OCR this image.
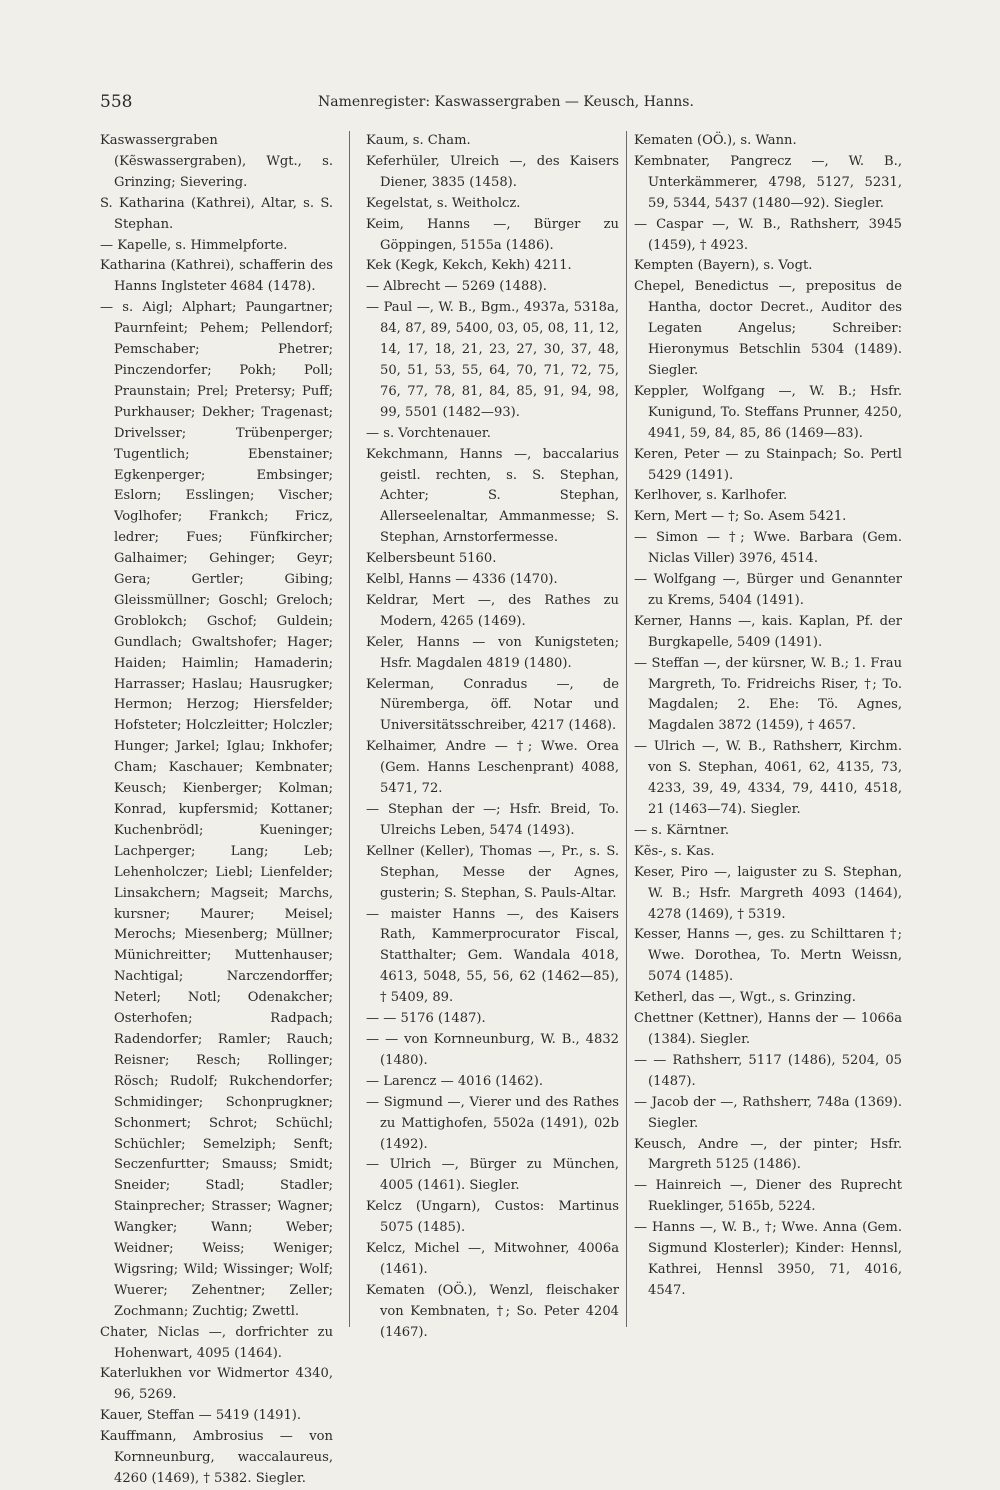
558	Namenregister: Kaswassergraben — Keusch, Hanns.

Kaswassergraben (Kẽswassergraben), Wgt., s. Grinzing; Sievering.

S. Katharina (Kathrei), Altar, s. S. Stephan.

— Kapelle, s. Himmelpforte.

Katharina (Kathrei), schafferin des Hanns Inglsteter 4684 (1478).

— s. Aigl; Alphart; Paungartner; Paurnfeint; Pehem; Pellendorf; Pemschaber; Phetrer; Pinczendorfer; Pokh; Poll; Praunstain; Prel; Pretersy; Puff; Purkhauser; Dekher; Tragenast; Drivelsser; Trübenperger; Tugentlich; Ebenstainer; Egkenperger; Embsinger; Eslorn; Esslingen; Vischer; Voglhofer; Frankch; Fricz, ledrer; Fues; Fünfkircher; Galhaimer; Gehinger; Geyr; Gera; Gertler; Gibing; Gleissmüllner; Goschl; Greloch; Groblokch; Gschof; Guldein; Gundlach; Gwaltshofer; Hager; Haiden; Haimlin; Hamaderin; Harrasser; Haslau; Hausrugker; Hermon; Herzog; Hiersfelder; Hofsteter; Holczleitter; Holczler; Hunger; Jarkel; Iglau; Inkhofer; Cham; Kaschauer; Kembnater; Keusch; Kienberger; Kolman; Konrad, kupfersmid; Kottaner; Kuchenbrödl; Kueninger; Lachperger; Lang; Leb; Lehenholczer; Liebl; Lienfelder; Linsakchern; Magseit; Marchs, kursner; Maurer; Meisel; Merochs; Miesenberg; Müllner; Münichreitter; Muttenhauser; Nachtigal; Narczendorffer; Neterl; Notl; Odenakcher; Osterhofen; Radpach; Radendorfer; Ramler; Rauch; Reisner; Resch; Rollinger; Rösch; Rudolf; Rukchendorfer; Schmidinger; Schonprugkner; Schonmert; Schrot; Schüchl; Schüchler; Semelziph; Senft; Seczenfurtter; Smauss; Smidt; Sneider; Stadl; Stadler; Stainprecher; Strasser; Wagner; Wangker; Wann; Weber; Weidner; Weiss; Weniger; Wigsring; Wild; Wissinger; Wolf; Wuerer; Zehentner; Zeller; Zochmann; Zuchtig; Zwettl.

Chater, Niclas —, dorfrichter zu Hohenwart, 4095 (1464).

Katerlukhen vor Widmertor 4340, 96, 5269.

Kauer, Steffan — 5419 (1491).

Kauffmann, Ambrosius — von Kornneunburg, waccalaureus, 4260 (1469), † 5382. Siegler.

Kaum, s. Cham.

Keferhüler, Ulreich —, des Kaisers Diener, 3835 (1458).

Kegelstat, s. Weitholcz.

Keim, Hanns —, Bürger zu Göppingen, 5155a (1486).

Kek (Kegk, Kekch, Kekh) 4211.

— Albrecht — 5269 (1488).

— Paul —, W. B., Bgm., 4937a, 5318a, 84, 87, 89, 5400, 03, 05, 08, 11, 12, 14, 17, 18, 21, 23, 27, 30, 37, 48, 50, 51, 53, 55, 64, 70, 71, 72, 75, 76, 77, 78, 81, 84, 85, 91, 94, 98, 99, 5501 (1482—93).

— s. Vorchtenauer.

Kekchmann, Hanns —, baccalarius geistl. rechten, s. S. Stephan, Achter; S. Stephan, Allerseelenaltar, Ammanmesse; S. Stephan, Arnstorfermesse.

Kelbersbeunt 5160.

Kelbl, Hanns — 4336 (1470).

Keldrar, Mert —, des Rathes zu Modern, 4265 (1469).

Keler, Hanns — von Kunigsteten; Hsfr. Magdalen 4819 (1480).

Kelerman, Conradus —, de Nüremberga, öff. Notar und Universitätsschreiber, 4217 (1468).

Kelhaimer, Andre — †; Wwe. Orea (Gem. Hanns Leschenprant) 4088, 5471, 72.

— Stephan der —; Hsfr. Breid, To. Ulreichs Leben, 5474 (1493).

Kellner (Keller), Thomas —, Pr., s. S. Stephan, Messe der Agnes, gusterin; S. Stephan, S. Pauls-Altar.

— maister Hanns —, des Kaisers Rath, Kammerprocurator Fiscal, Statthalter; Gem. Wandala 4018, 4613, 5048, 55, 56, 62 (1462—85), † 5409, 89.

— — 5176 (1487).

— — von Kornneunburg, W. B., 4832 (1480).

— Larencz — 4016 (1462).

— Sigmund —, Vierer und des Rathes zu Mattighofen, 5502a (1491), 02b (1492).

— Ulrich —, Bürger zu München, 4005 (1461). Siegler.

Kelcz (Ungarn), Custos: Martinus 5075 (1485).

Kelcz, Michel —, Mitwohner, 4006a (1461).

Kematen (OÖ.), Wenzl, fleischaker von Kembnaten, †; So. Peter 4204 (1467).

Kematen (OÖ.), s. Wann.

Kembnater, Pangrecz —, W. B., Unterkämmerer, 4798, 5127, 5231, 59, 5344, 5437 (1480—92). Siegler.

— Caspar —, W. B., Rathsherr, 3945 (1459), † 4923.

Kempten (Bayern), s. Vogt.

Chepel, Benedictus —, prepositus de Hantha, doctor Decret., Auditor des Legaten Angelus; Schreiber: Hieronymus Betschlin 5304 (1489). Siegler.

Keppler, Wolfgang —, W. B.; Hsfr. Kunigund, To. Steffans Prunner, 4250, 4941, 59, 84, 85, 86 (1469—83).

Keren, Peter — zu Stainpach; So. Pertl 5429 (1491).

Kerlhover, s. Karlhofer.

Kern, Mert — †; So. Asem 5421.

— Simon — †; Wwe. Barbara (Gem. Niclas Viller) 3976, 4514.

— Wolfgang —, Bürger und Genannter zu Krems, 5404 (1491).

Kerner, Hanns —, kais. Kaplan, Pf. der Burgkapelle, 5409 (1491).

— Steffan —, der kürsner, W. B.; 1. Frau Margreth, To. Fridreichs Riser, †; To. Magdalen; 2. Ehe: Tö. Agnes, Magdalen 3872 (1459), † 4657.

— Ulrich —, W. B., Rathsherr, Kirchm. von S. Stephan, 4061, 62, 4135, 73, 4233, 39, 49, 4334, 79, 4410, 4518, 21 (1463—74). Siegler.

— s. Kärntner.

Kẽs-, s. Kas.

Keser, Piro —, laiguster zu S. Stephan, W. B.; Hsfr. Margreth 4093 (1464), 4278 (1469), † 5319.

Kesser, Hanns —, ges. zu Schilttaren †; Wwe. Dorothea, To. Mertn Weissn, 5074 (1485).

Ketherl, das —, Wgt., s. Grinzing.

Chettner (Kettner), Hanns der — 1066a (1384). Siegler.

— — Rathsherr, 5117 (1486), 5204, 05 (1487).

— Jacob der —, Rathsherr, 748a (1369). Siegler.

Keusch, Andre —, der pinter; Hsfr. Margreth 5125 (1486).

— Hainreich —, Diener des Ruprecht Rueklinger, 5165b, 5224.

— Hanns —, W. B., †; Wwe. Anna (Gem. Sigmund Klosterler); Kinder: Hennsl, Kathrei, Hennsl 3950, 71, 4016, 4547.
